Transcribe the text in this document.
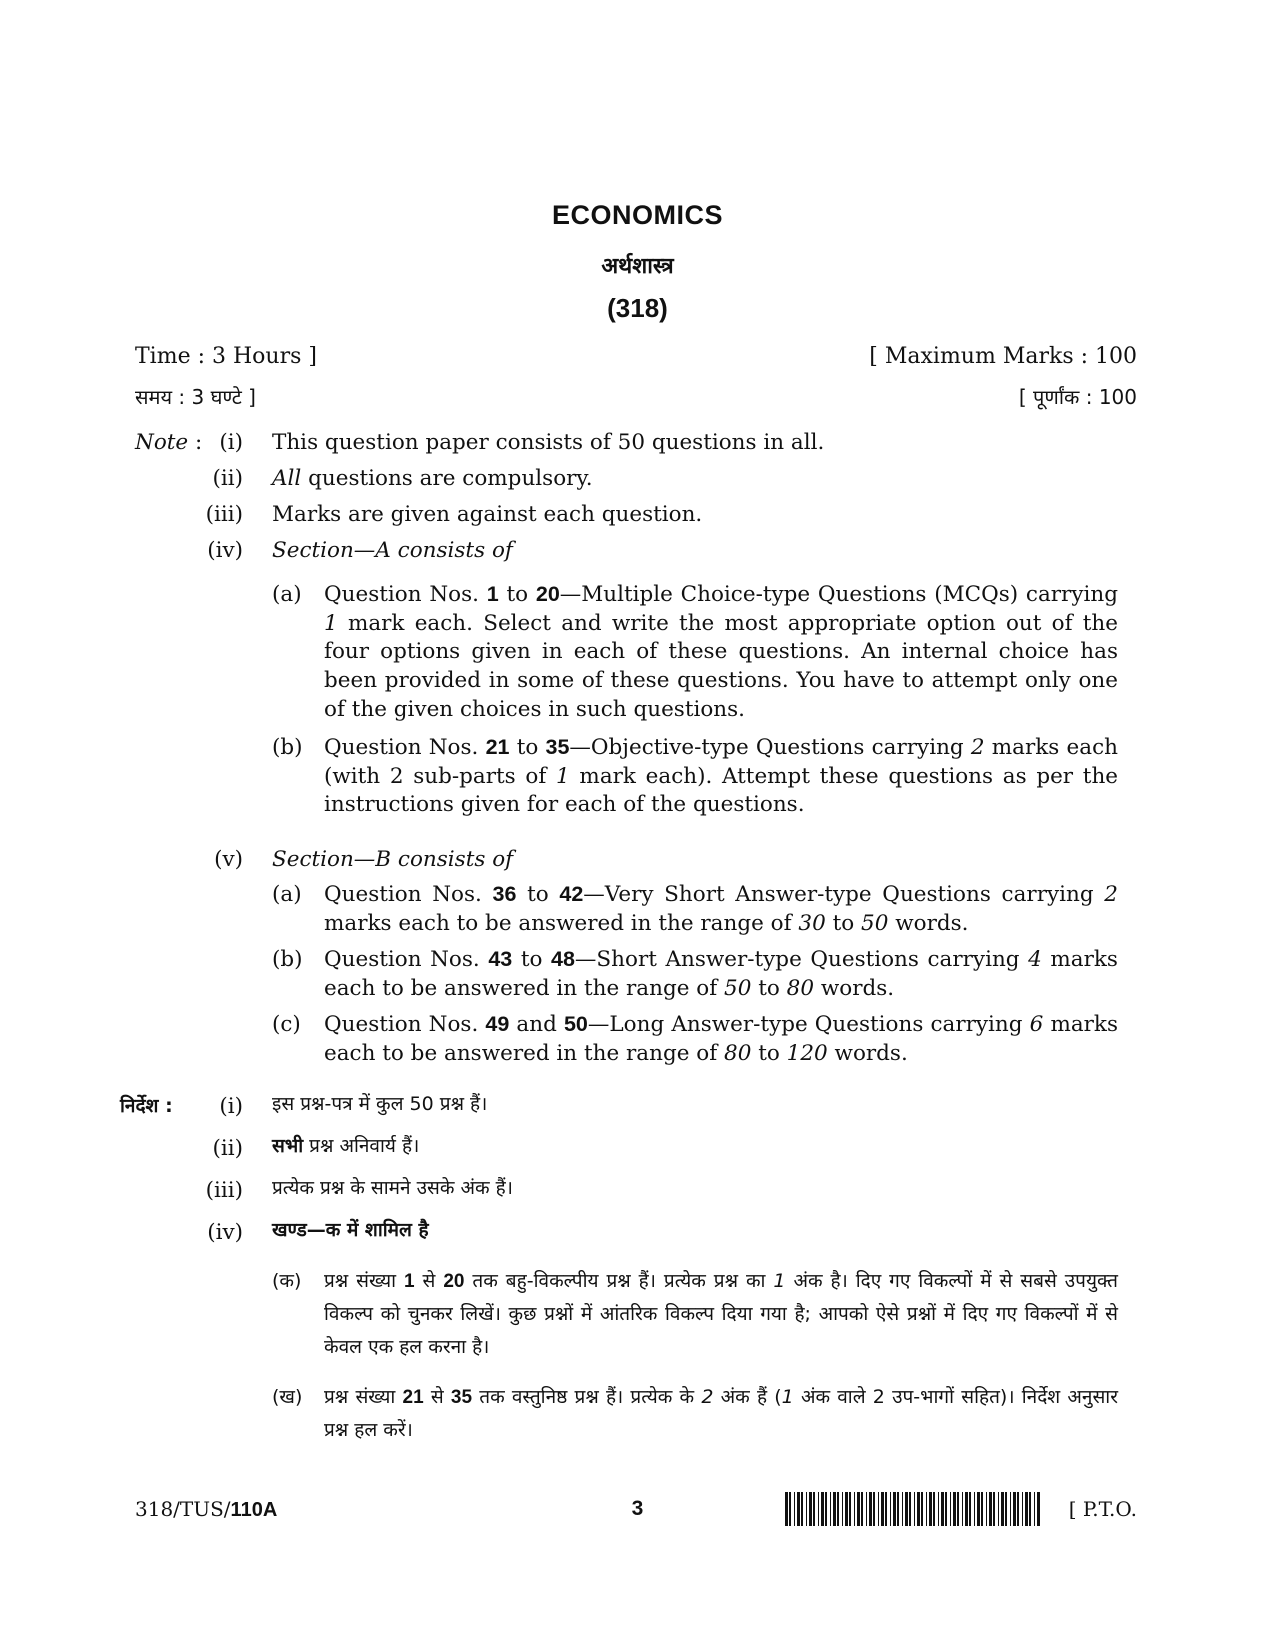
ECONOMICS
अर्थशास्त्र
(318)
Time : 3 Hours ]
समय : 3 घण्टे ]
[ Maximum Marks : 100
[ पूर्णांक : 100
Note : (i) This question paper consists of 50 questions in all.
(ii) All questions are compulsory.
(iii) Marks are given against each question.
(iv) Section—A consists of
(a) Question Nos. 1 to 20—Multiple Choice-type Questions (MCQs) carrying 1 mark each. Select and write the most appropriate option out of the four options given in each of these questions. An internal choice has been provided in some of these questions. You have to attempt only one of the given choices in such questions.
(b) Question Nos. 21 to 35—Objective-type Questions carrying 2 marks each (with 2 sub-parts of 1 mark each). Attempt these questions as per the instructions given for each of the questions.
(v) Section—B consists of
(a) Question Nos. 36 to 42—Very Short Answer-type Questions carrying 2 marks each to be answered in the range of 30 to 50 words.
(b) Question Nos. 43 to 48—Short Answer-type Questions carrying 4 marks each to be answered in the range of 50 to 80 words.
(c) Question Nos. 49 and 50—Long Answer-type Questions carrying 6 marks each to be answered in the range of 80 to 120 words.
निर्देश :	(i) इस प्रश्न-पत्र में कुल 50 प्रश्न हैं।
(ii) सभी प्रश्न अनिवार्य हैं।
(iii) प्रत्येक प्रश्न के सामने उसके अंक हैं।
(iv) खण्ड—क में शामिल है
(क) प्रश्न संख्या 1 से 20 तक बहु-विकल्पीय प्रश्न हैं। प्रत्येक प्रश्न का 1 अंक है। दिए गए विकल्पों में से सबसे उपयुक्त विकल्प को चुनकर लिखें। कुछ प्रश्नों में आंतरिक विकल्प दिया गया है; आपको ऐसे प्रश्नों में दिए गए विकल्पों में से केवल एक हल करना है।
(ख) प्रश्न संख्या 21 से 35 तक वस्तुनिष्ठ प्रश्न हैं। प्रत्येक के 2 अंक हैं (1 अंक वाले 2 उप-भागों सहित)। निर्देश अनुसार प्रश्न हल करें।
318/TUS/110A	3	[ P.T.O.
